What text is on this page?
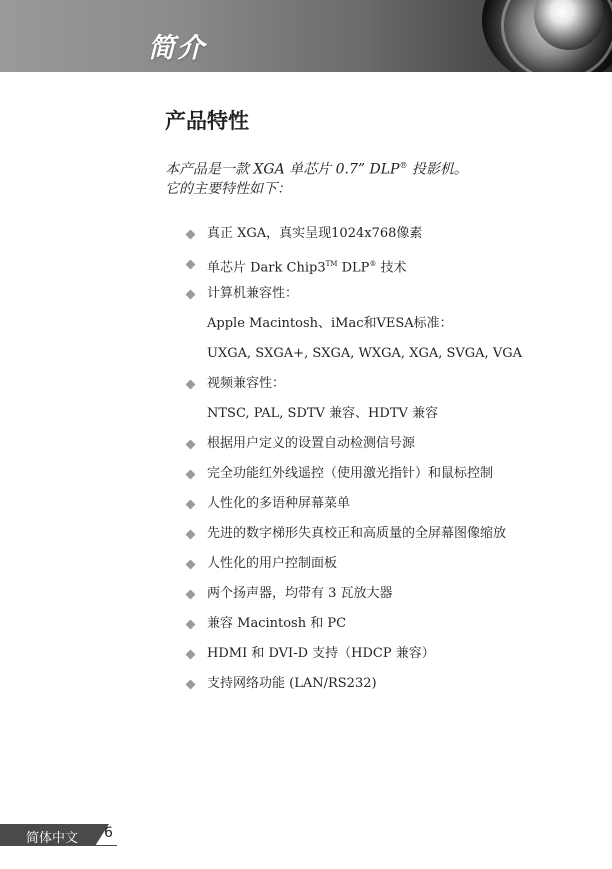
简介
产品特性
本产品是一款 XGA 单芯片 0.7” DLP® 投影机。
它的主要特性如下：
真正 XGA，真实呈现1024x768像素
单芯片 Dark Chip3™ DLP® 技术
计算机兼容性：
Apple Macintosh、iMac和VESA标准：
UXGA, SXGA+, SXGA, WXGA, XGA, SVGA, VGA
视频兼容性：
NTSC, PAL, SDTV 兼容、HDTV 兼容
根据用户定义的设置自动检测信号源
完全功能红外线遥控（使用激光指针）和鼠标控制
人性化的多语种屏幕菜单
先进的数字梯形失真校正和高质量的全屏幕图像缩放
人性化的用户控制面板
两个扬声器，均带有 3 瓦放大器
兼容 Macintosh 和 PC
HDMI 和 DVI-D 支持（HDCP 兼容）
支持网络功能 (LAN/RS232)
简体中文 6
